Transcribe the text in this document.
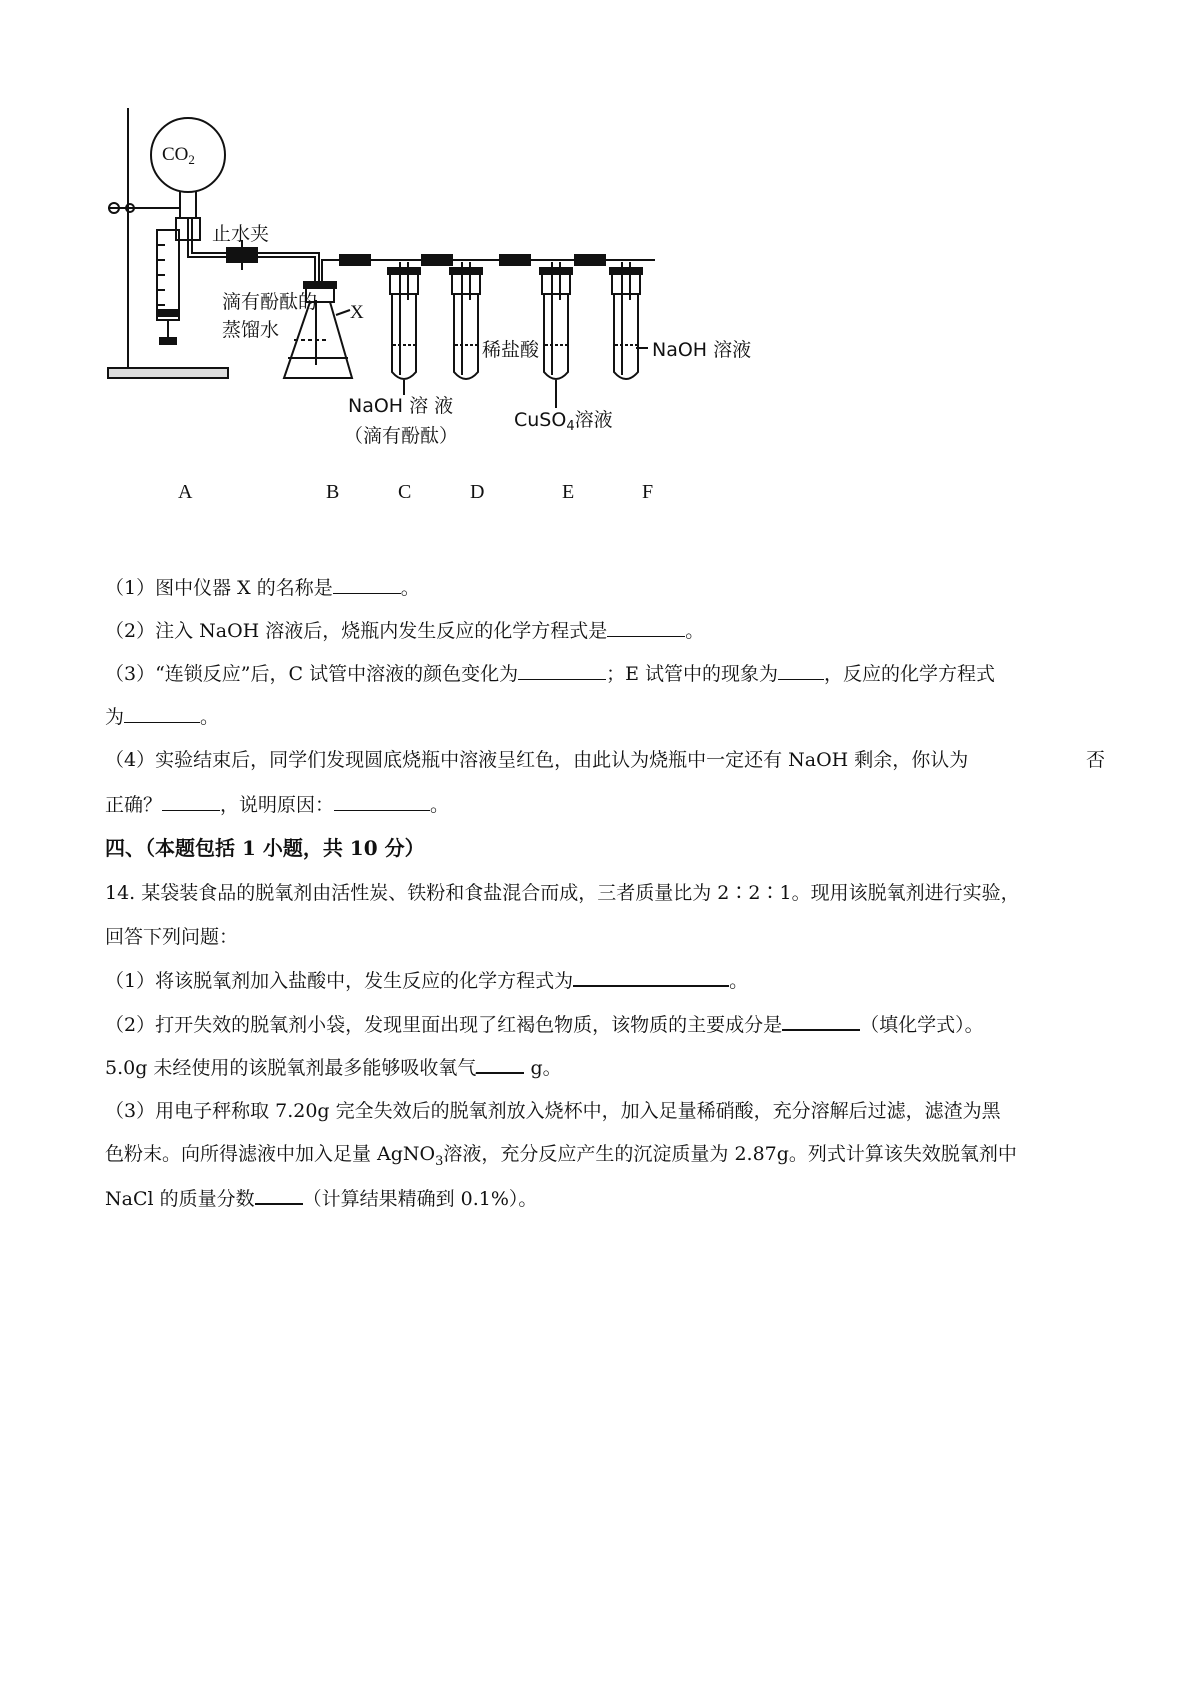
$CO_2$
止水夹
滴有酚酞的
蒸馏水
X
稀盐酸	NaOH 溶液
NaOH 溶 液
（滴有酚酞）
CuSO$_4$溶液
A	B	C	D	E	F
（1）图中仪器 X 的名称是	。
（2）注入 NaOH 溶液后，烧瓶内发生反应的化学方程式是	。
（3）“连锁反应”后，C 试管中溶液的颜色变化为	；E 试管中的现象为 ，反应的化学方程式
为	。
（4）实验结束后，同学们发现圆底烧瓶中溶液呈红色，由此认为烧瓶中一定还有 NaOH 剩余，你认为	否
正确？	，说明原因：	。
四、（本题包括 1 小题，共 10 分）
14. 某袋装食品的脱氧剂由活性炭、铁粉和食盐混合而成，三者质量比为 2∶2∶1。现用该脱氧剂进行实验，
回答下列问题：
（1）将该脱氧剂加入盐酸中，发生反应的化学方程式为	。
（2）打开失效的脱氧剂小袋，发现里面出现了红褐色物质，该物质的主要成分是	（填化学式）。
5.0g 未经使用的该脱氧剂最多能够吸收氧气	g。
（3）用电子秤称取 7.20g 完全失效后的脱氧剂放入烧杯中，加入足量稀硝酸，充分溶解后过滤，滤渣为黑
色粉末。向所得滤液中加入足量 AgNO$_3$溶液，充分反应产生的沉淀质量为 2.87g。列式计算该失效脱氧剂中
NaCl 的质量分数	（计算结果精确到 0.1%）。
